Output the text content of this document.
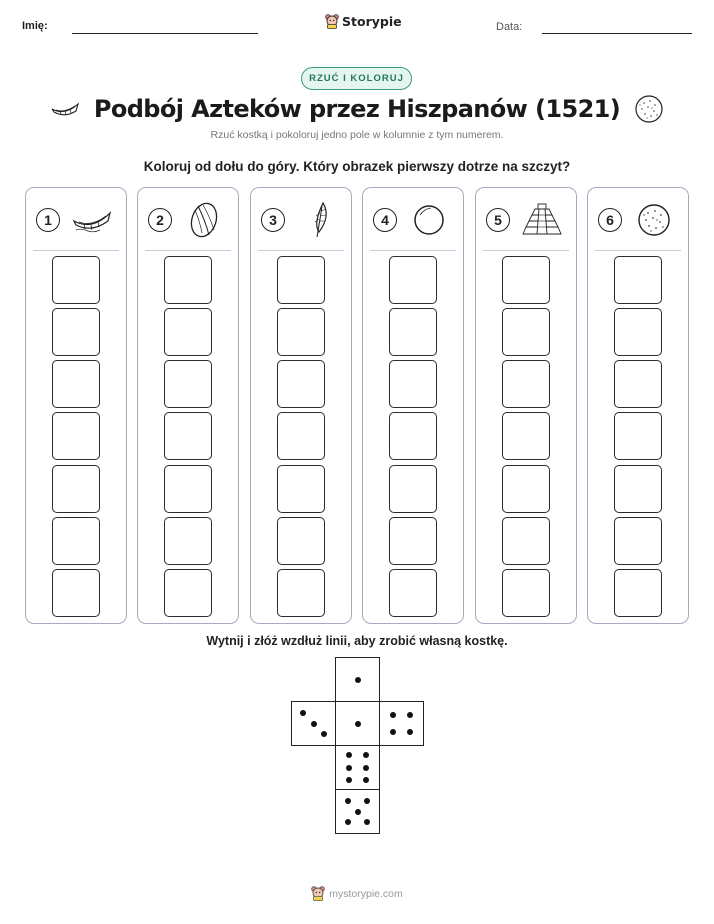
Imię:	Storypie	Data:
RZUĆ I KOLORUJ
Podbój Azteków przez Hiszpanów (1521)
Rzuć kostką i pokoloruj jedno pole w kolumnie z tym numerem.
Koloruj od dołu do góry. Który obrazek pierwszy dotrze na szczyt?
1	2	3	4	5	6
Wytnij i złóż wzdłuż linii, aby zrobić własną kostkę.
mystorypie.com
